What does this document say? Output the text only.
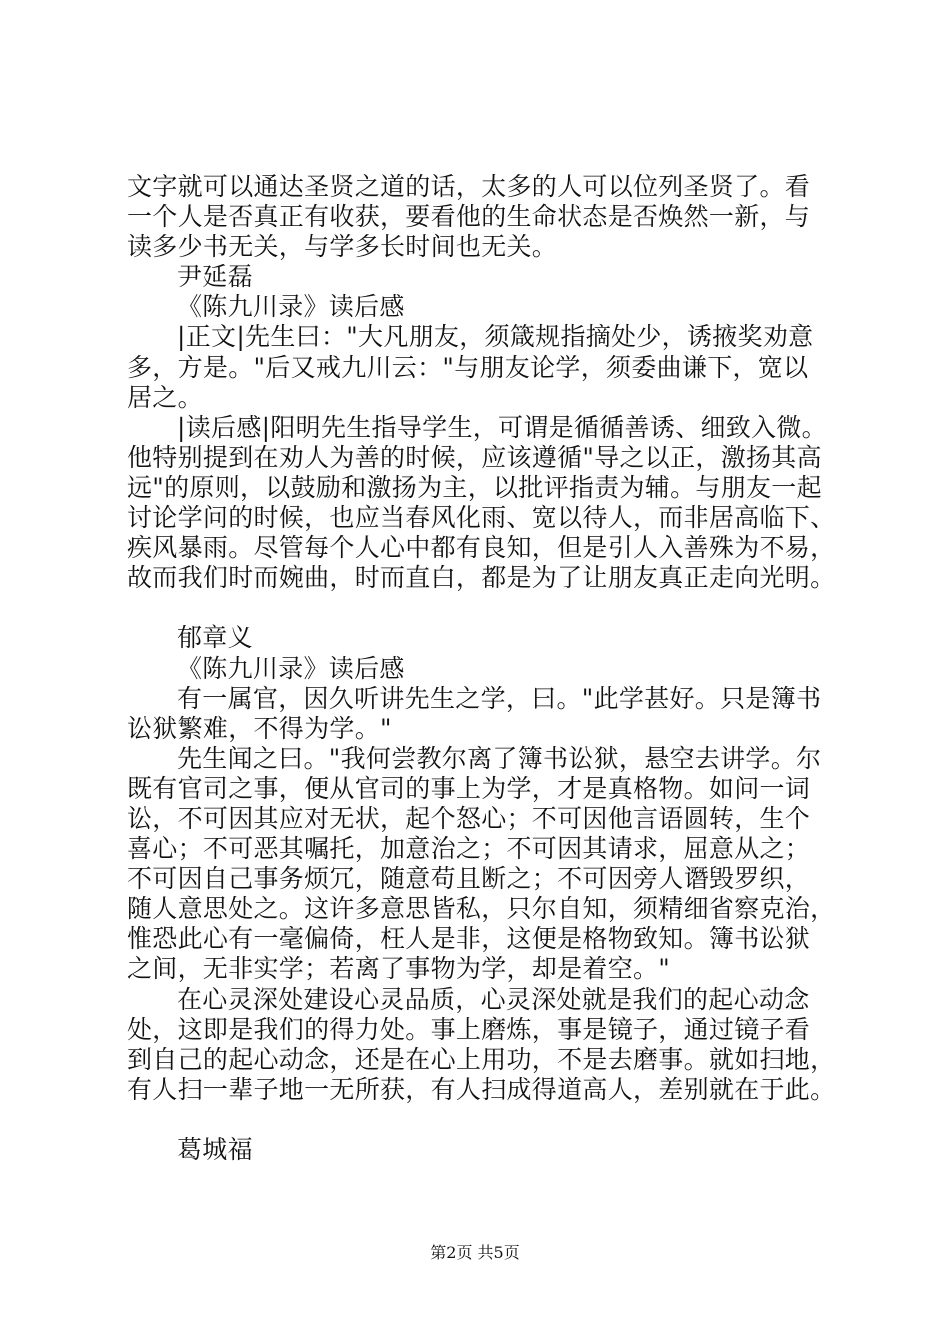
文字就可以通达圣贤之道的话，太多的人可以位列圣贤了。看
一个人是否真正有收获，要看他的生命状态是否焕然一新，与
读多少书无关，与学多长时间也无关。
尹延磊
《陈九川录》读后感
|正文|先生曰："大凡朋友，须箴规指摘处少，诱掖奖劝意
多，方是。"后又戒九川云："与朋友论学，须委曲谦下，宽以
居之。
|读后感|阳明先生指导学生，可谓是循循善诱、细致入微。
他特别提到在劝人为善的时候，应该遵循"导之以正，激扬其高
远"的原则，以鼓励和激扬为主，以批评指责为辅。与朋友一起
讨论学问的时候，也应当春风化雨、宽以待人，而非居高临下、
疾风暴雨。尽管每个人心中都有良知，但是引人入善殊为不易，
故而我们时而婉曲，时而直白，都是为了让朋友真正走向光明。
郁章义
《陈九川录》读后感
有一属官，因久听讲先生之学，曰。"此学甚好。只是簿书
讼狱繁难，不得为学。"
先生闻之曰。"我何尝教尔离了簿书讼狱，悬空去讲学。尔
既有官司之事，便从官司的事上为学，才是真格物。如问一词
讼，不可因其应对无状，起个怒心；不可因他言语圆转，生个
喜心；不可恶其嘱托，加意治之；不可因其请求，屈意从之；
不可因自己事务烦冗，随意苟且断之；不可因旁人谮毁罗织，
随人意思处之。这许多意思皆私，只尔自知，须精细省察克治，
惟恐此心有一毫偏倚，枉人是非，这便是格物致知。簿书讼狱
之间，无非实学；若离了事物为学，却是着空。"
在心灵深处建设心灵品质，心灵深处就是我们的起心动念
处，这即是我们的得力处。事上磨炼，事是镜子，通过镜子看
到自己的起心动念，还是在心上用功，不是去磨事。就如扫地，
有人扫一辈子地一无所获，有人扫成得道高人，差别就在于此。
葛城福
第2页 共5页
